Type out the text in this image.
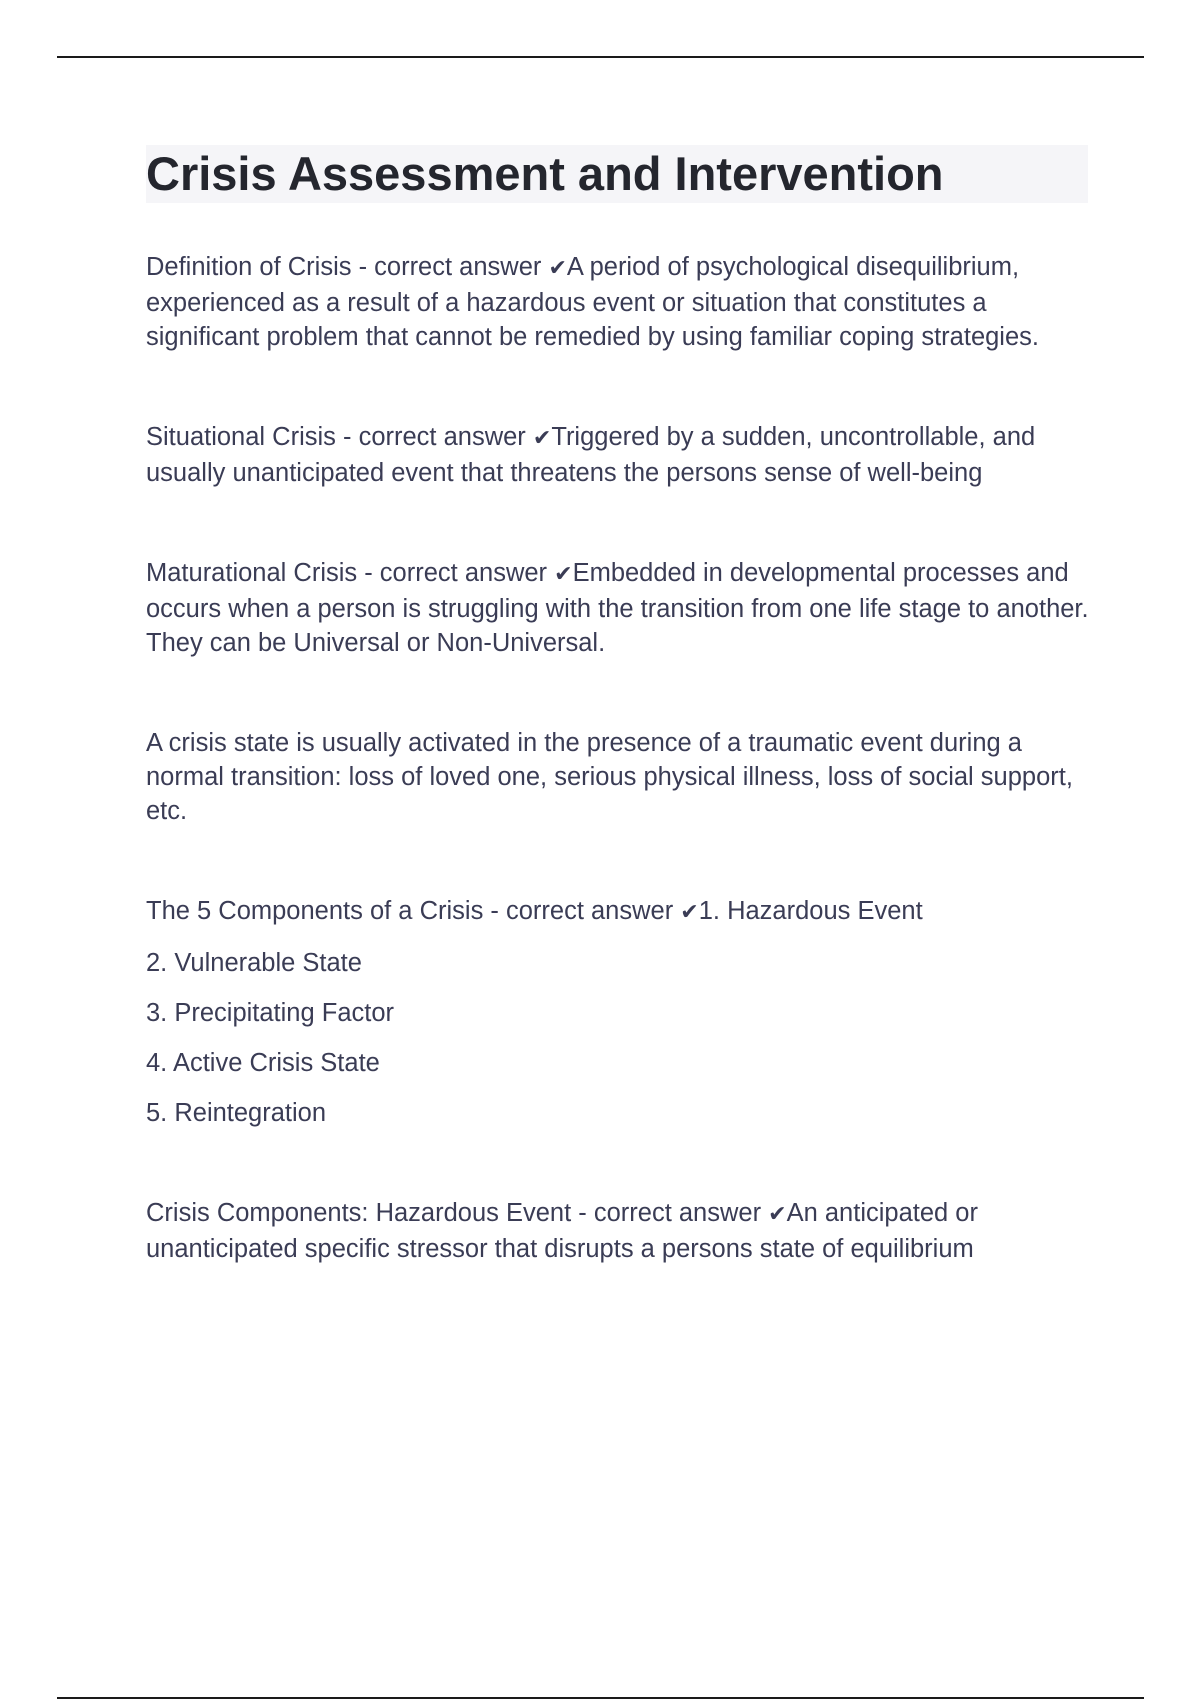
Crisis Assessment and Intervention

Definition of Crisis - correct answer ✔A period of psychological disequilibrium, experienced as a result of a hazardous event or situation that constitutes a significant problem that cannot be remedied by using familiar coping strategies.

Situational Crisis - correct answer ✔Triggered by a sudden, uncontrollable, and usually unanticipated event that threatens the persons sense of well-being

Maturational Crisis - correct answer ✔Embedded in developmental processes and occurs when a person is struggling with the transition from one life stage to another. They can be Universal or Non-Universal.

A crisis state is usually activated in the presence of a traumatic event during a normal transition: loss of loved one, serious physical illness, loss of social support, etc.

The 5 Components of a Crisis - correct answer ✔1. Hazardous Event
2. Vulnerable State
3. Precipitating Factor
4. Active Crisis State
5. Reintegration

Crisis Components: Hazardous Event - correct answer ✔An anticipated or unanticipated specific stressor that disrupts a persons state of equilibrium
